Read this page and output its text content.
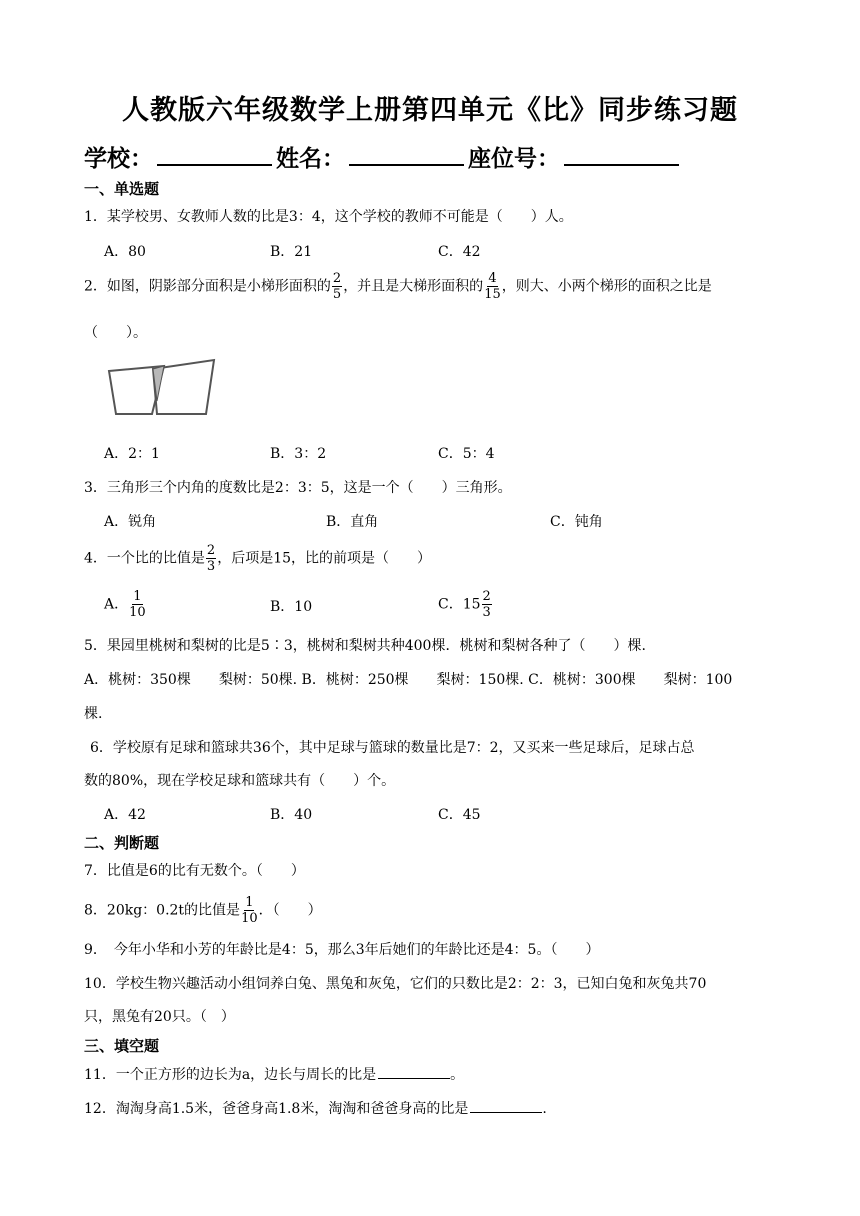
人教版六年级数学上册第四单元《比》同步练习题
学校：	姓名：	座位号：
一、单选题
1．某学校男、女教师人数的比是3：4，这个学校的教师不可能是（　　）人。
A．80	B．21	C．42
2．如图，阴影部分面积是小梯形面积的 $\frac{2}{5}$ ，并且是大梯形面积的 $\frac{4}{15}$ ，则大、小两个梯形的面积之比是
（　　）。
A．2：1	B．3：2	C．5：4
3．三角形三个内角的度数比是2：3：5，这是一个（　　）三角形。
A．锐角	B．直角	C．钝角
4．一个比的比值是 $\frac{2}{3}$ ，后项是15，比的前项是（　　）
A． $\frac{1}{10}$	B．10	C．$15 \frac{2}{3}$
5．果园里桃树和梨树的比是5∶3，桃树和梨树共种400棵．桃树和梨树各种了（　　）棵.
A．桃树：350棵　　梨树：50棵. B．桃树：250棵　　梨树：150棵. C．桃树：300棵　　梨树：100
棵.
6．学校原有足球和篮球共36个，其中足球与篮球的数量比是7：2，又买来一些足球后，足球占总
数的80%，现在学校足球和篮球共有（　　）个。
A．42	B．40	C．45
二、判断题
7．比值是6的比有无数个。（　　）
8．20kg：0.2t的比值是 $\frac{1}{10}$ ．（　　）
9．　今年小华和小芳的年龄比是4：5，那么3年后她们的年龄比还是4：5。（　　）
10．学校生物兴趣活动小组饲养白兔、黑兔和灰兔，它们的只数比是2：2：3，已知白兔和灰兔共70
只，黑兔有20只。（　）
三、填空题
11．一个正方形的边长为a，边长与周长的比是	。
12．淘淘身高1.5米，爸爸身高1.8米，淘淘和爸爸身高的比是	.
